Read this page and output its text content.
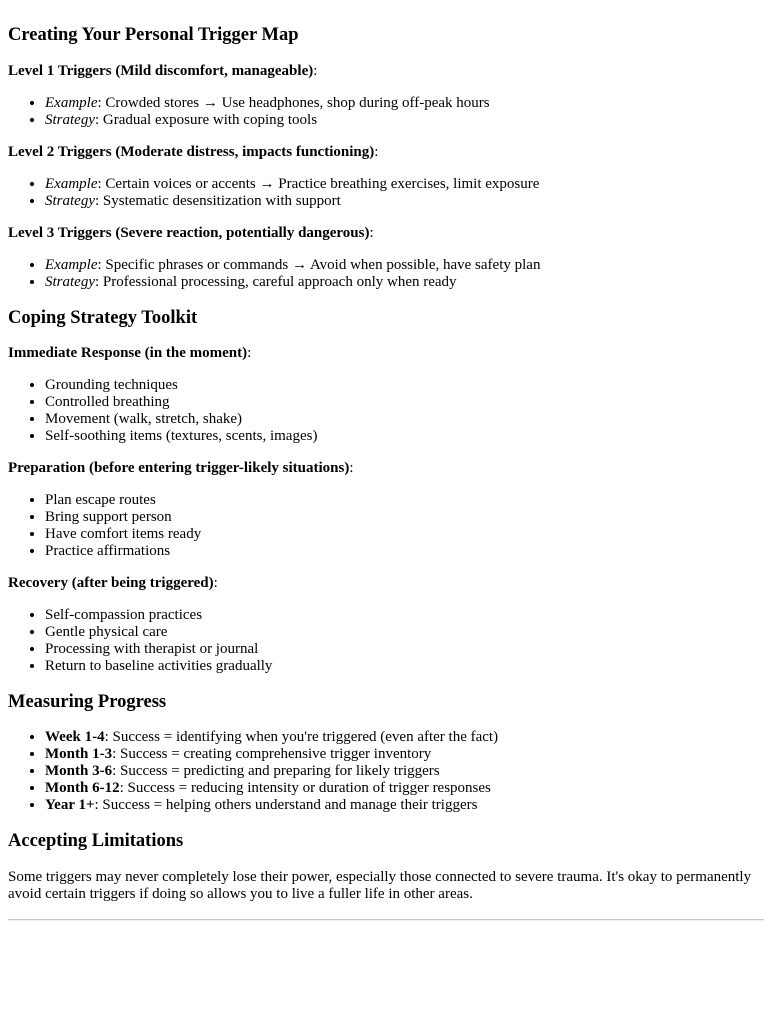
Creating Your Personal Trigger Map

Level 1 Triggers (Mild discomfort, manageable):

• Example: Crowded stores → Use headphones, shop during off-peak hours
• Strategy: Gradual exposure with coping tools

Level 2 Triggers (Moderate distress, impacts functioning):

• Example: Certain voices or accents → Practice breathing exercises, limit exposure
• Strategy: Systematic desensitization with support

Level 3 Triggers (Severe reaction, potentially dangerous):

• Example: Specific phrases or commands → Avoid when possible, have safety plan
• Strategy: Professional processing, careful approach only when ready
Coping Strategy Toolkit

Immediate Response (in the moment):

• Grounding techniques
• Controlled breathing
• Movement (walk, stretch, shake)
• Self-soothing items (textures, scents, images)

Preparation (before entering trigger-likely situations):

• Plan escape routes
• Bring support person
• Have comfort items ready
• Practice affirmations

Recovery (after being triggered):

• Self-compassion practices
• Gentle physical care
• Processing with therapist or journal
• Return to baseline activities gradually
Measuring Progress
• Week 1-4: Success = identifying when you're triggered (even after the fact)
• Month 1-3: Success = creating comprehensive trigger inventory
• Month 3-6: Success = predicting and preparing for likely triggers
• Month 6-12: Success = reducing intensity or duration of trigger responses
• Year 1+: Success = helping others understand and manage their triggers
Accepting Limitations

Some triggers may never completely lose their power, especially those connected to severe trauma. It's okay to permanently avoid certain triggers if doing so allows you to live a fuller life in other areas.
